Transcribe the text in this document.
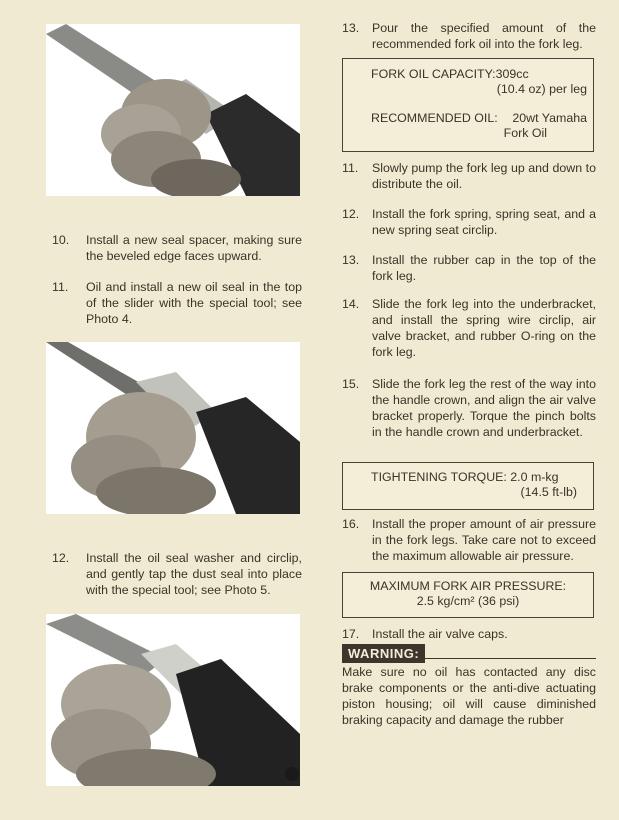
10.	Install a new seal spacer, making sure the beveled edge faces upward.
11.	Oil and install a new oil seal in the top of the slider with the special tool; see Photo 4.
12.	Install the oil seal washer and circlip, and gently tap the dust seal into place with the special tool; see Photo 5.
13.	Pour the specified amount of the recommended fork oil into the fork leg.
FORK OIL CAPACITY:309cc
(10.4 oz) per leg
RECOMMENDED OIL:	20wt Yamaha
Fork Oil
11.	Slowly pump the fork leg up and down to distribute the oil.
12.	Install the fork spring, spring seat, and a new spring seat circlip.
13.	Install the rubber cap in the top of the fork leg.
14.	Slide the fork leg into the underbracket, and install the spring wire circlip, air valve bracket, and rubber O-ring on the fork leg.
15.	Slide the fork leg the rest of the way into the handle crown, and align the air valve bracket properly. Torque the pinch bolts in the handle crown and underbracket.
TIGHTENING TORQUE: 2.0 m-kg
(14.5 ft-lb)
16.	Install the proper amount of air pressure in the fork legs. Take care not to exceed the maximum allowable air pressure.
MAXIMUM FORK AIR PRESSURE:
2.5 kg/cm² (36 psi)
17.	Install the air valve caps.
WARNING:
Make sure no oil has contacted any disc brake components or the anti-dive actuating piston housing; oil will cause diminished braking capacity and damage the rubber
